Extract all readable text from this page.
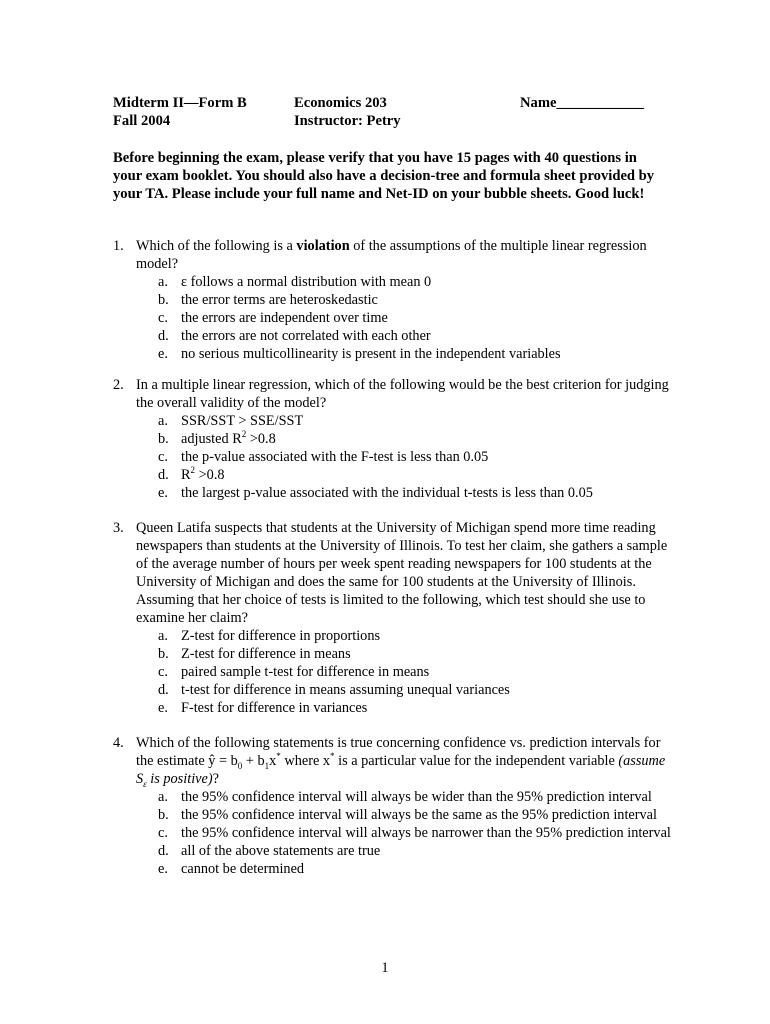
Midterm II—Form B
Fall 2004
Economics 203
Instructor: Petry
Name____________
Before beginning the exam, please verify that you have 15 pages with 40 questions in your exam booklet. You should also have a decision-tree and formula sheet provided by your TA. Please include your full name and Net-ID on your bubble sheets. Good luck!
1. Which of the following is a violation of the assumptions of the multiple linear regression model?
a. ε follows a normal distribution with mean 0
b. the error terms are heteroskedastic
c. the errors are independent over time
d. the errors are not correlated with each other
e. no serious multicollinearity is present in the independent variables
2. In a multiple linear regression, which of the following would be the best criterion for judging the overall validity of the model?
a. SSR/SST > SSE/SST
b. adjusted $R^2 >0.8$
c. the p-value associated with the F-test is less than 0.05
d. $R^2 >0.8$
e. the largest p-value associated with the individual t-tests is less than 0.05
3. Queen Latifa suspects that students at the University of Michigan spend more time reading newspapers than students at the University of Illinois. To test her claim, she gathers a sample of the average number of hours per week spent reading newspapers for 100 students at the University of Michigan and does the same for 100 students at the University of Illinois. Assuming that her choice of tests is limited to the following, which test should she use to examine her claim?
a. Z-test for difference in proportions
b. Z-test for difference in means
c. paired sample t-test for difference in means
d. t-test for difference in means assuming unequal variances
e. F-test for difference in variances
4. Which of the following statements is true concerning confidence vs. prediction intervals for the estimate ŷ = $b_0 + b_1x^*$ where x* is a particular value for the independent variable (assume $S_\varepsilon$ is positive)?
a. the 95% confidence interval will always be wider than the 95% prediction interval
b. the 95% confidence interval will always be the same as the 95% prediction interval
c. the 95% confidence interval will always be narrower than the 95% prediction interval
d. all of the above statements are true
e. cannot be determined
1
